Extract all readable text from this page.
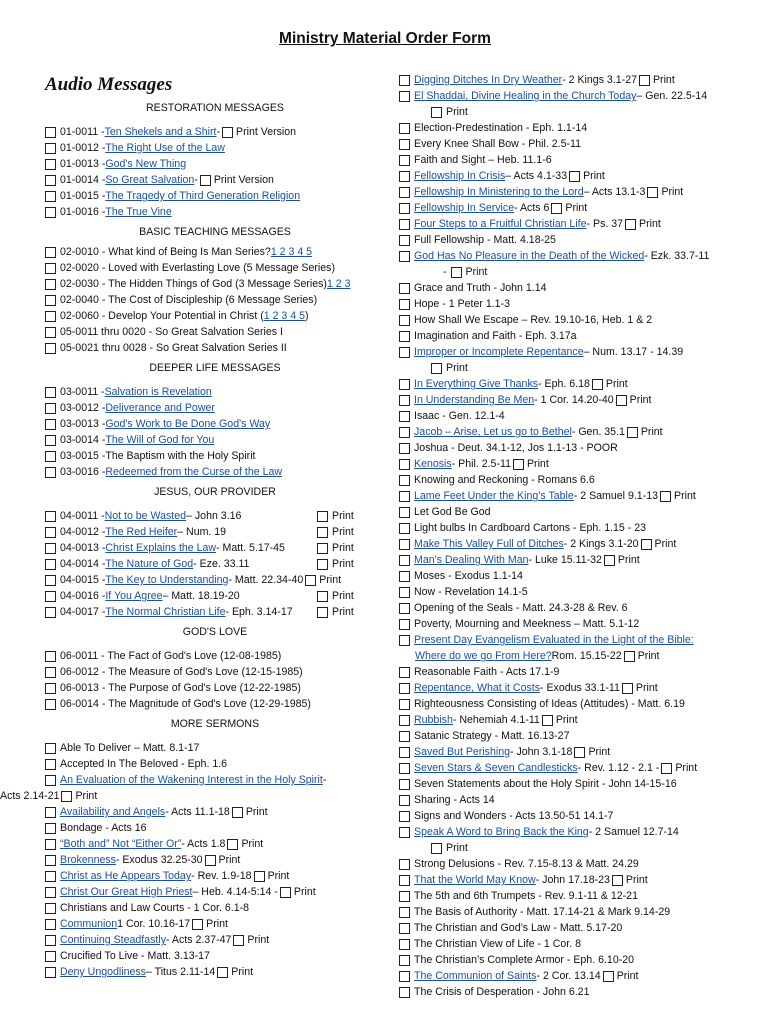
Ministry Material Order Form
Audio Messages
RESTORATION MESSAGES
01-0011 - Ten Shekels and a Shirt - Print Version
01-0012 - The Right Use of the Law
01-0013 - God's New Thing
01-0014 - So Great Salvation - Print Version
01-0015 - The Tragedy of Third Generation Religion
01-0016 - The True Vine
BASIC TEACHING MESSAGES
02-0010 - What kind of Being Is Man Series? 1 2 3 4 5
02-0020 - Loved with Everlasting Love (5 Message Series)
02-0030 - The Hidden Things of God (3 Message Series) 1 2 3
02-0040 - The Cost of Discipleship (6 Message Series)
02-0060 - Develop Your Potential in Christ ( 1 2 3 4 5 )
05-0011 thru 0020 - So Great Salvation Series I
05-0021 thru 0028 - So Great Salvation Series II
DEEPER LIFE MESSAGES
03-0011 - Salvation is Revelation
03-0012 - Deliverance and Power
03-0013 - God's Work to Be Done God's Way
03-0014 - The Will of God for You
03-0015 - The Baptism with the Holy Spirit
03-0016 - Redeemed from the Curse of the Law
JESUS, OUR PROVIDER
04-0011 - Not to be Wasted – John 3.16	Print
04-0012 - The Red Heifer – Num. 19	Print
04-0013 - Christ Explains the Law - Matt. 5.17-45	Print
04-0014 - The Nature of God - Eze. 33.11	Print
04-0015 - The Key to Understanding - Matt. 22.34-40 Print
04-0016 - If You Agree – Matt. 18.19-20	Print
04-0017 - The Normal Christian Life - Eph. 3.14-17	Print
GOD'S LOVE
06-0011 - The Fact of God's Love (12-08-1985)
06-0012 - The Measure of God's Love (12-15-1985)
06-0013 - The Purpose of God's Love (12-22-1985)
06-0014 - The Magnitude of God's Love (12-29-1985)
MORE SERMONS
Able To Deliver – Matt. 8.1-17
Accepted In The Beloved - Eph. 1.6
An Evaluation of the Wakening Interest in the Holy Spirit -
Acts 2.14-21 Print
Availability and Angels - Acts 11.1-18 Print
Bondage - Acts 16
“Both and” Not “Either Or” - Acts 1.8 Print
Brokenness - Exodus 32.25-30 Print
Christ as He Appears Today - Rev. 1.9-18 Print
Christ Our Great High Priest – Heb. 4.14-5:14 - Print
Christians and Law Courts - 1 Cor. 6.1-8
Communion 1 Cor. 10.16-17 Print
Continuing Steadfastly - Acts 2.37-47 Print
Crucified To Live - Matt. 3.13-17
Deny Ungodliness – Titus 2.11-14 Print
Digging Ditches In Dry Weather - 2 Kings 3.1-27 Print
El Shaddai, Divine Healing in the Church Today – Gen. 22.5-14
Print
Election-Predestination - Eph. 1.1-14
Every Knee Shall Bow - Phil. 2.5-11
Faith and Sight – Heb. 11.1-6
Fellowship In Crisis – Acts 4.1-33 Print
Fellowship In Ministering to the Lord – Acts 13.1-3 Print
Fellowship In Service - Acts 6 Print
Four Steps to a Fruitful Christian Life - Ps. 37 Print
Full Fellowship - Matt. 4.18-25
God Has No Pleasure in the Death of the Wicked - Ezk. 33.7-11
- Print
Grace and Truth - John 1.14
Hope - 1 Peter 1.1-3
How Shall We Escape – Rev. 19.10-16, Heb. 1 & 2
Imagination and Faith - Eph. 3.17a
Improper or Incomplete Repentance – Num. 13.17 - 14.39
Print
In Everything Give Thanks - Eph. 6.18 Print
In Understanding Be Men - 1 Cor. 14.20-40 Print
Isaac - Gen. 12.1-4
Jacob – Arise, Let us go to Bethel - Gen. 35.1 Print
Joshua - Deut. 34.1-12, Jos 1.1-13 - POOR
Kenosis - Phil. 2.5-11 Print
Knowing and Reckoning - Romans 6.6
Lame Feet Under the King’s Table - 2 Samuel 9.1-13 Print
Let God Be God
Light bulbs In Cardboard Cartons - Eph. 1.15 - 23
Make This Valley Full of Ditches - 2 Kings 3.1-20 Print
Man's Dealing With Man - Luke 15.11-32 Print
Moses - Exodus 1.1-14
Now - Revelation 14.1-5
Opening of the Seals - Matt. 24.3-28 & Rev. 6
Poverty, Mourning and Meekness – Matt. 5.1-12
Present Day Evangelism Evaluated in the Light of the Bible:
Where do we go From Here? Rom. 15.15-22 Print
Reasonable Faith - Acts 17.1-9
Repentance, What it Costs - Exodus 33.1-11 Print
Righteousness Consisting of Ideas (Attitudes) - Matt. 6.19
Rubbish - Nehemiah 4.1-11 Print
Satanic Strategy - Matt. 16.13-27
Saved But Perishing - John 3.1-18 Print
Seven Stars & Seven Candlesticks - Rev. 1.12 - 2.1 - Print
Seven Statements about the Holy Spirit - John 14-15-16
Sharing - Acts 14
Signs and Wonders - Acts 13.50-51 14.1-7
Speak A Word to Bring Back the King - 2 Samuel 12.7-14
Print
Strong Delusions - Rev. 7.15-8.13 & Matt. 24.29
That the World May Know - John 17.18-23 Print
The 5th and 6th Trumpets - Rev. 9.1-11 & 12-21
The Basis of Authority - Matt. 17.14-21 & Mark 9.14-29
The Christian and God’s Law - Matt. 5.17-20
The Christian View of Life - 1 Cor. 8
The Christian’s Complete Armor - Eph. 6.10-20
The Communion of Saints - 2 Cor. 13.14 Print
The Crisis of Desperation - John 6.21
